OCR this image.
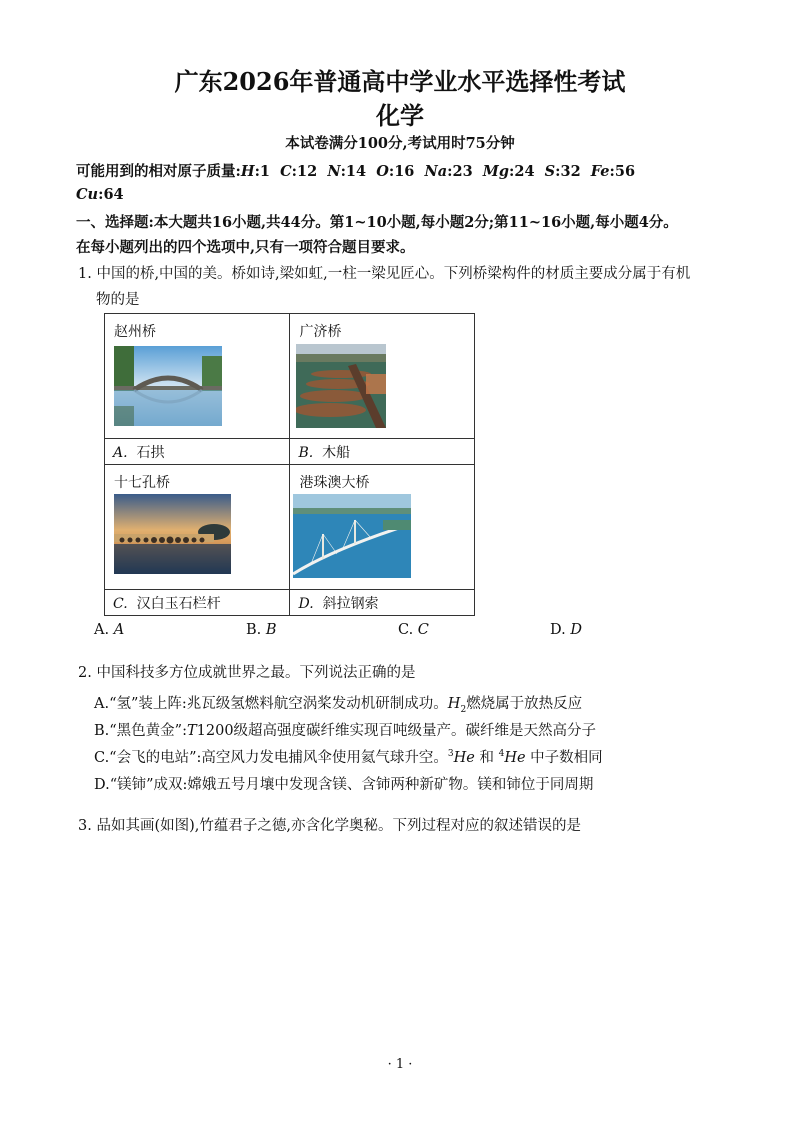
广东2026年普通高中学业水平选择性考试
化学
本试卷满分100分,考试用时75分钟
可能用到的相对原子质量:H:1 C:12 N:14 O:16 Na:23 Mg:24 S:32 Fe:56
Cu:64
一、选择题:本大题共16小题,共44分。第1~10小题,每小题2分;第11~16小题,每小题4分。
在每小题列出的四个选项中,只有一项符合题目要求。
1. 中国的桥,中国的美。桥如诗,梁如虹,一柱一梁见匠心。下列桥梁构件的材质主要成分属于有机
物的是
赵州桥	广济桥

A. 石拱	B. 木船

十七孔桥	港珠澳大桥

C. 汉白玉石栏杆	D. 斜拉钢索
A. A	B. B	C. C	D. D
2. 中国科技多方位成就世界之最。下列说法正确的是
A.“氢”装上阵:兆瓦级氢燃料航空涡桨发动机研制成功。$H_2$燃烧属于放热反应
B.“黑色黄金”:T1200级超高强度碳纤维实现百吨级量产。碳纤维是天然高分子
C.“会飞的电站”:高空风力发电捕风伞使用氦气球升空。$^3$He 和 $^4$He 中子数相同
D.“镁铈”成双:嫦娥五号月壤中发现含镁、含铈两种新矿物。镁和铈位于同周期
3. 品如其画(如图),竹蕴君子之德,亦含化学奥秘。下列过程对应的叙述错误的是
· 1 ·
